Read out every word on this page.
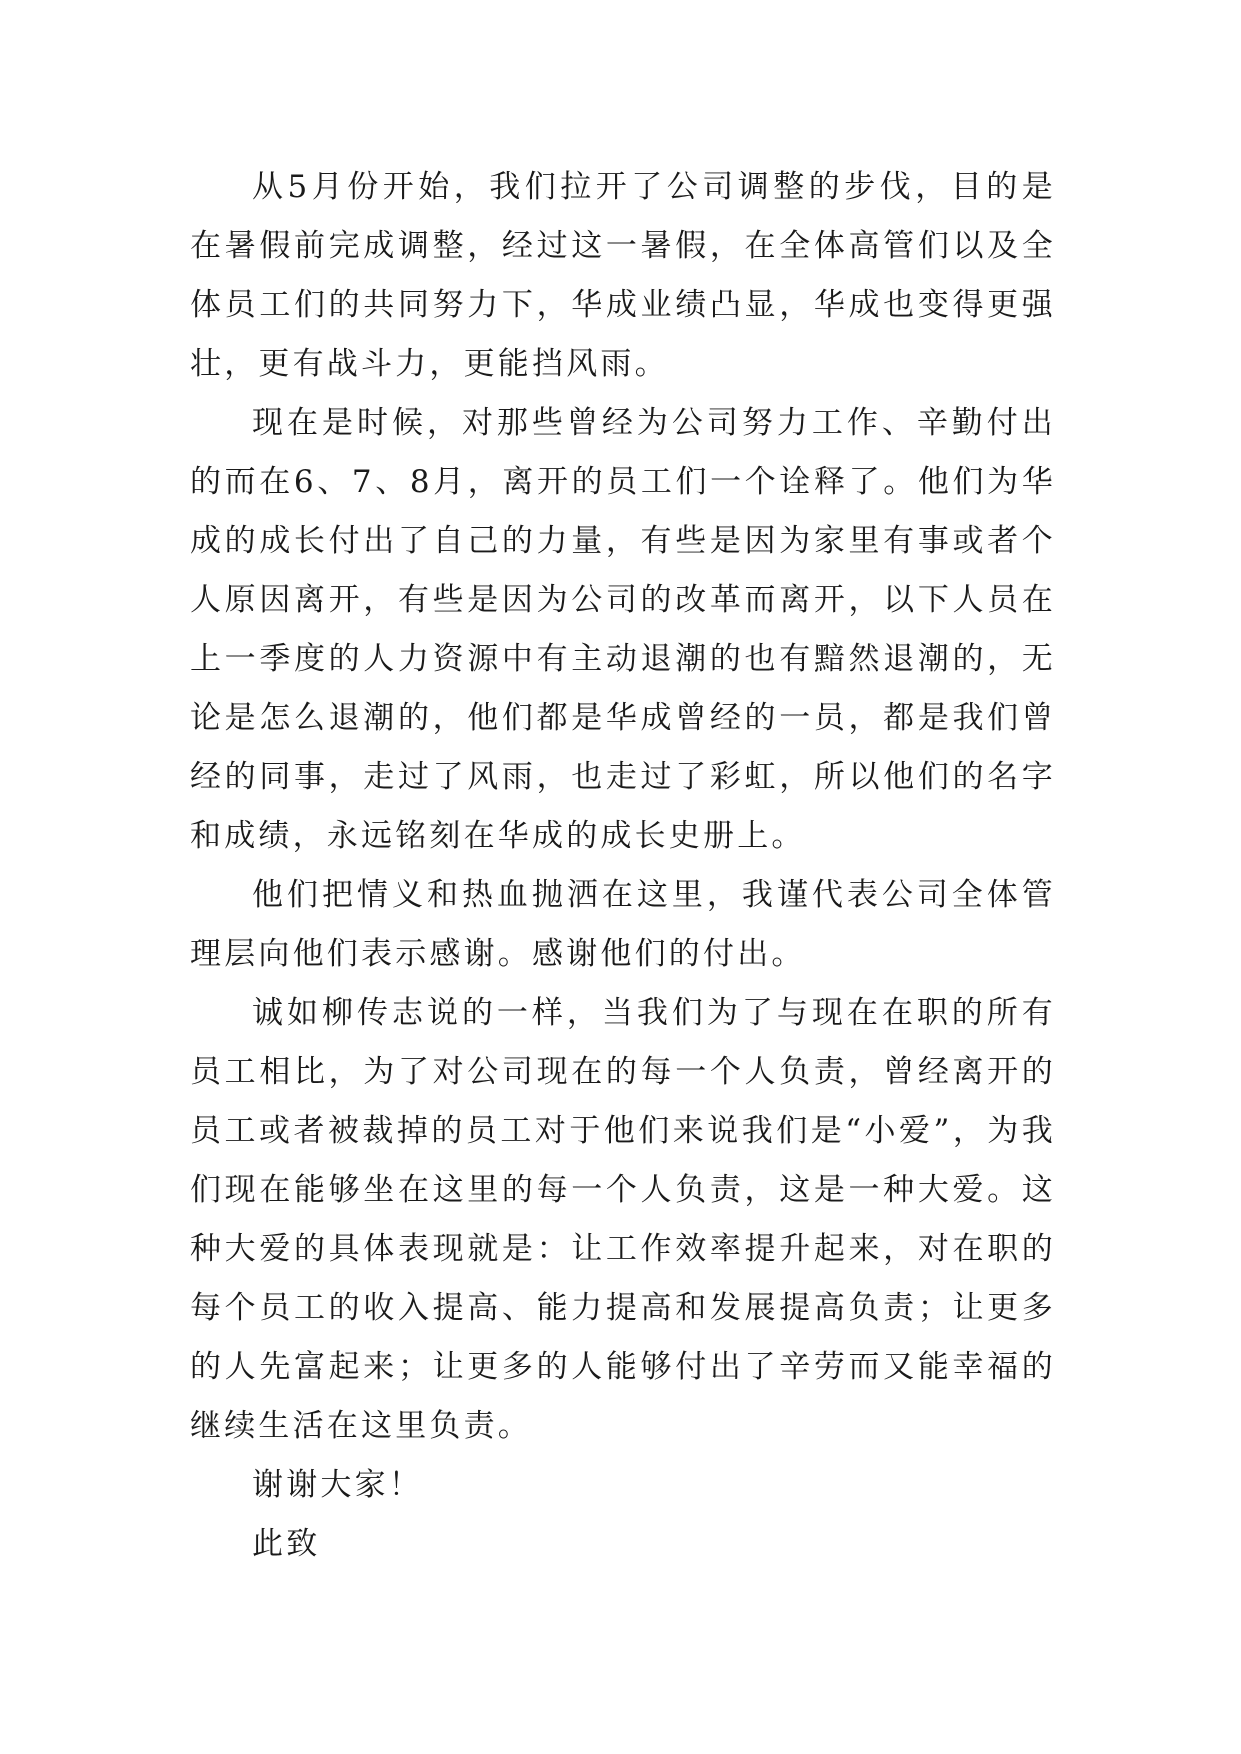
从5月份开始，我们拉开了公司调整的步伐，目的是在暑假前完成调整，经过这一暑假，在全体高管们以及全体员工们的共同努力下，华成业绩凸显，华成也变得更强壮，更有战斗力，更能挡风雨。

现在是时候，对那些曾经为公司努力工作、辛勤付出的而在6、7、8月，离开的员工们一个诠释了。他们为华成的成长付出了自己的力量，有些是因为家里有事或者个人原因离开，有些是因为公司的改革而离开，以下人员在上一季度的人力资源中有主动退潮的也有黯然退潮的，无论是怎么退潮的，他们都是华成曾经的一员，都是我们曾经的同事，走过了风雨，也走过了彩虹，所以他们的名字和成绩，永远铭刻在华成的成长史册上。

他们把情义和热血抛洒在这里，我谨代表公司全体管理层向他们表示感谢。感谢他们的付出。

诚如柳传志说的一样，当我们为了与现在在职的所有员工相比，为了对公司现在的每一个人负责，曾经离开的员工或者被裁掉的员工对于他们来说我们是“小爱”，为我们现在能够坐在这里的每一个人负责，这是一种大爱。这种大爱的具体表现就是：让工作效率提升起来，对在职的每个员工的收入提高、能力提高和发展提高负责；让更多的人先富起来；让更多的人能够付出了辛劳而又能幸福的继续生活在这里负责。

谢谢大家！

此致
